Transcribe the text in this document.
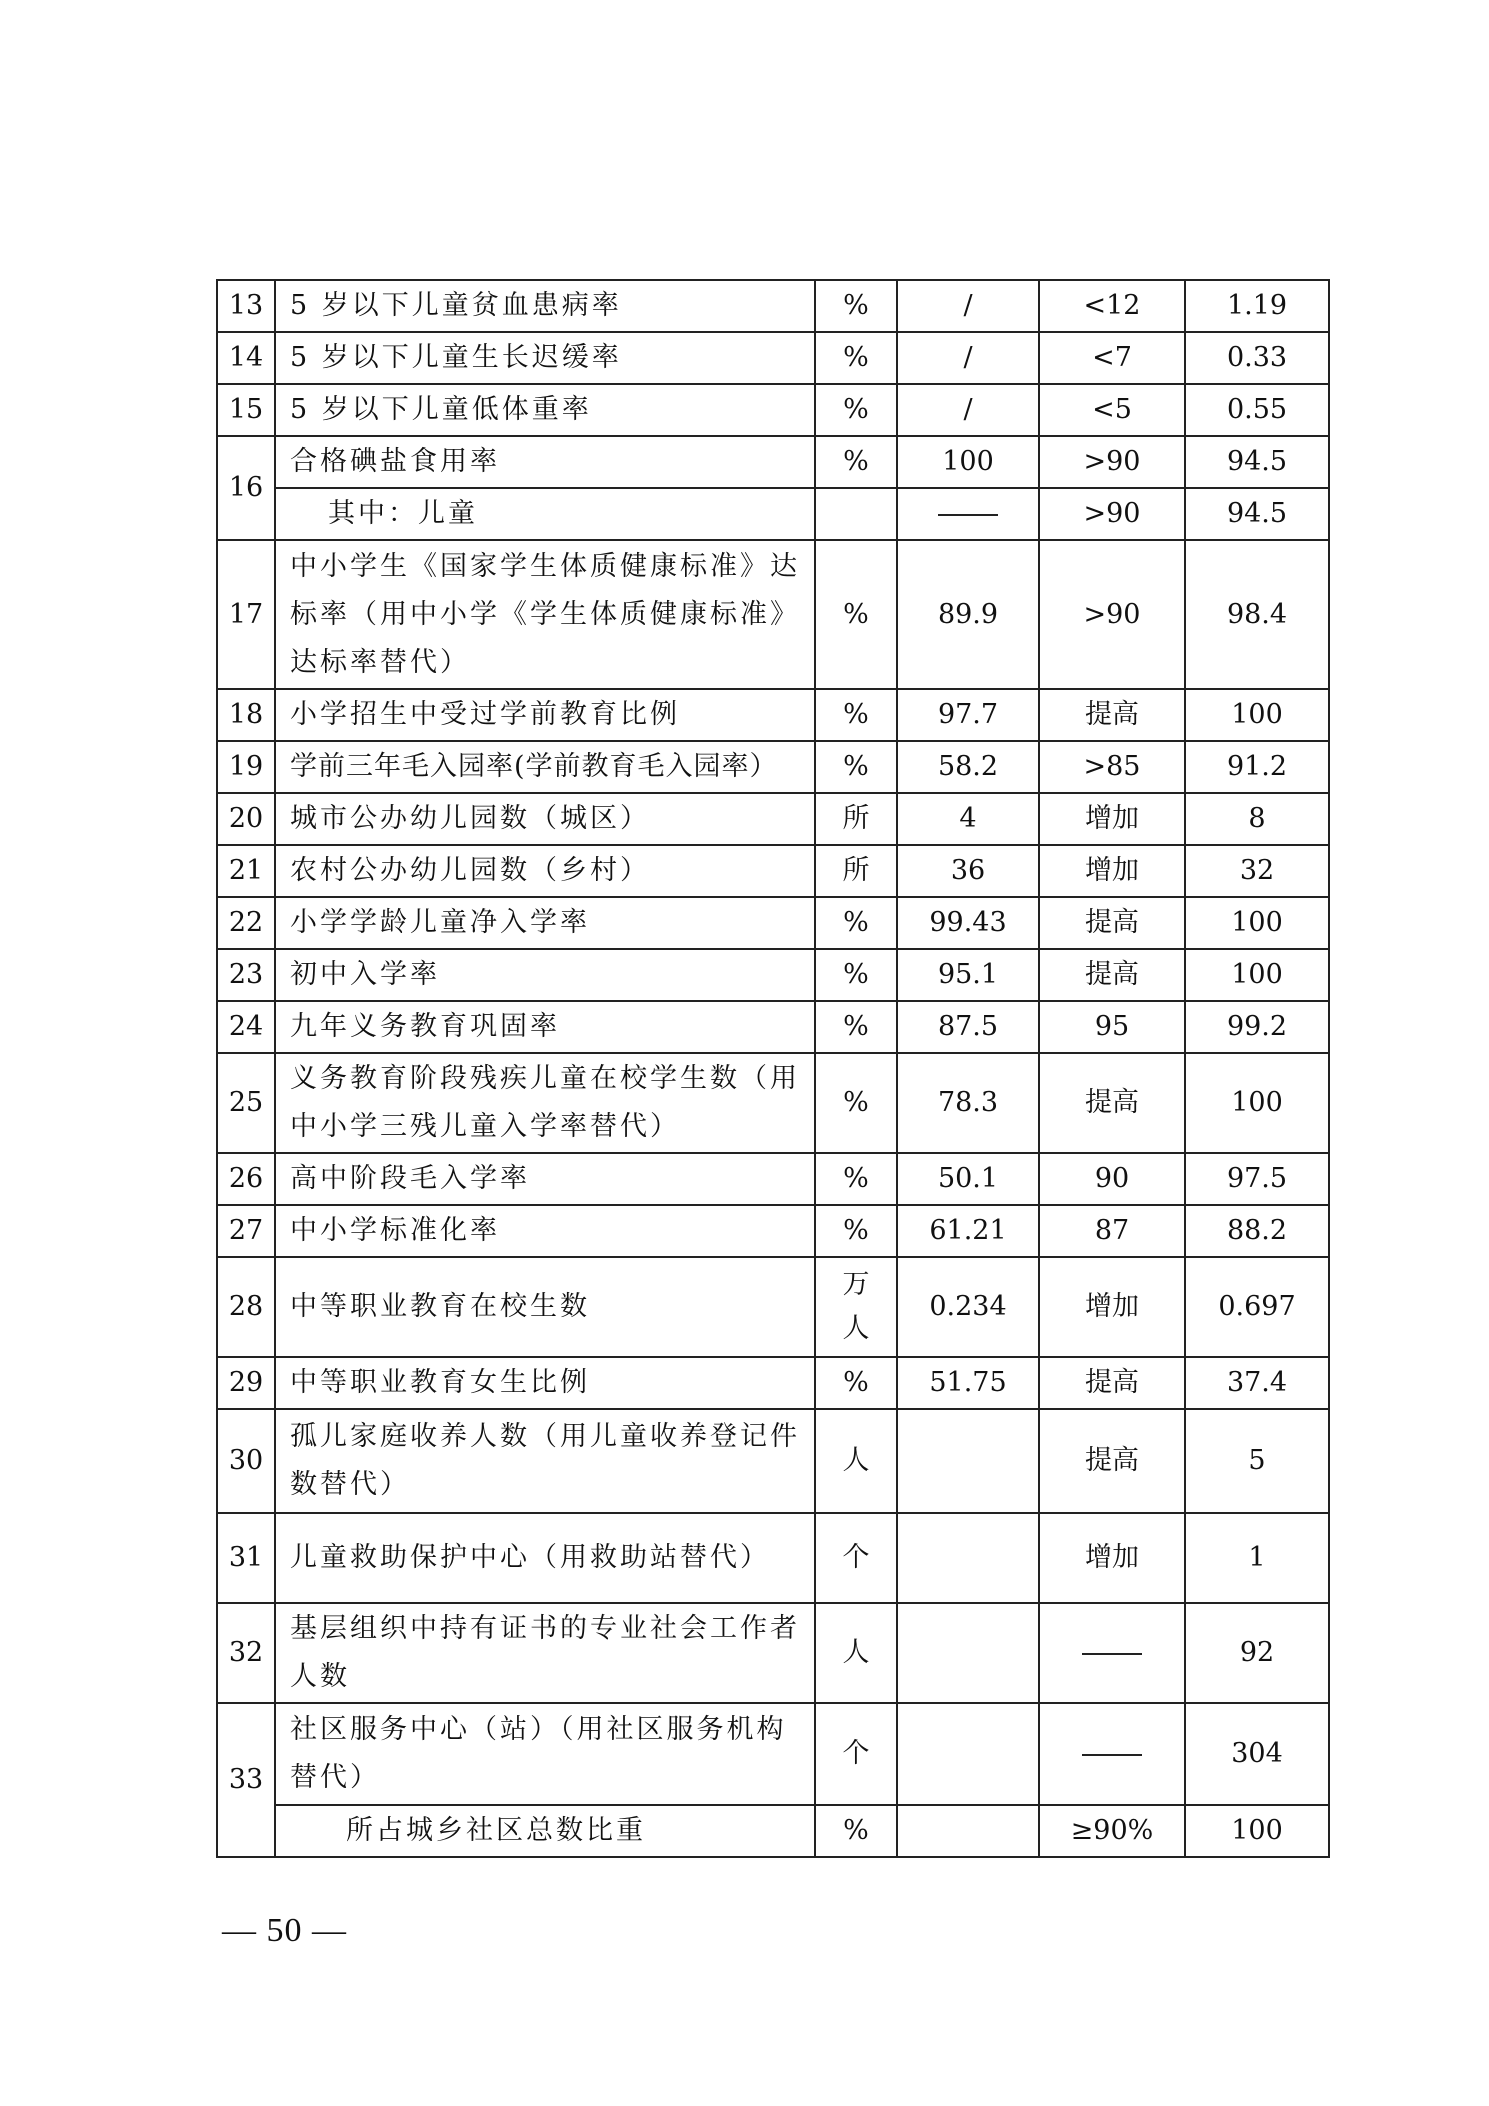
13	5 岁以下儿童贫血患病率	%	/	<12	1.19
14	5 岁以下儿童生长迟缓率	%	/	<7	0.33
15	5 岁以下儿童低体重率	%	/	<5	0.55
16	合格碘盐食用率	%	100	>90	94.5
	其中：儿童			>90	94.5
17	中小学生《国家学生体质健康标准》达标率（用中小学《学生体质健康标准》达标率替代）	%	89.9	>90	98.4
18	小学招生中受过学前教育比例	%	97.7	提高	100
19	学前三年毛入园率(学前教育毛入园率）	%	58.2	>85	91.2
20	城市公办幼儿园数（城区）	所	4	增加	8
21	农村公办幼儿园数（乡村）	所	36	增加	32
22	小学学龄儿童净入学率	%	99.43	提高	100
23	初中入学率	%	95.1	提高	100
24	九年义务教育巩固率	%	87.5	95	99.2
25	义务教育阶段残疾儿童在校学生数（用中小学三残儿童入学率替代）	%	78.3	提高	100
26	高中阶段毛入学率	%	50.1	90	97.5
27	中小学标准化率	%	61.21	87	88.2
28	中等职业教育在校生数	万人	0.234	增加	0.697
29	中等职业教育女生比例	%	51.75	提高	37.4
30	孤儿家庭收养人数（用儿童收养登记件数替代）	人		提高	5
31	儿童救助保护中心（用救助站替代）	个		增加	1
32	基层组织中持有证书的专业社会工作者人数	人			92
33	社区服务中心（站）（用社区服务机构替代）	个			304
	所占城乡社区总数比重	%		≥90%	100
— 50 —
